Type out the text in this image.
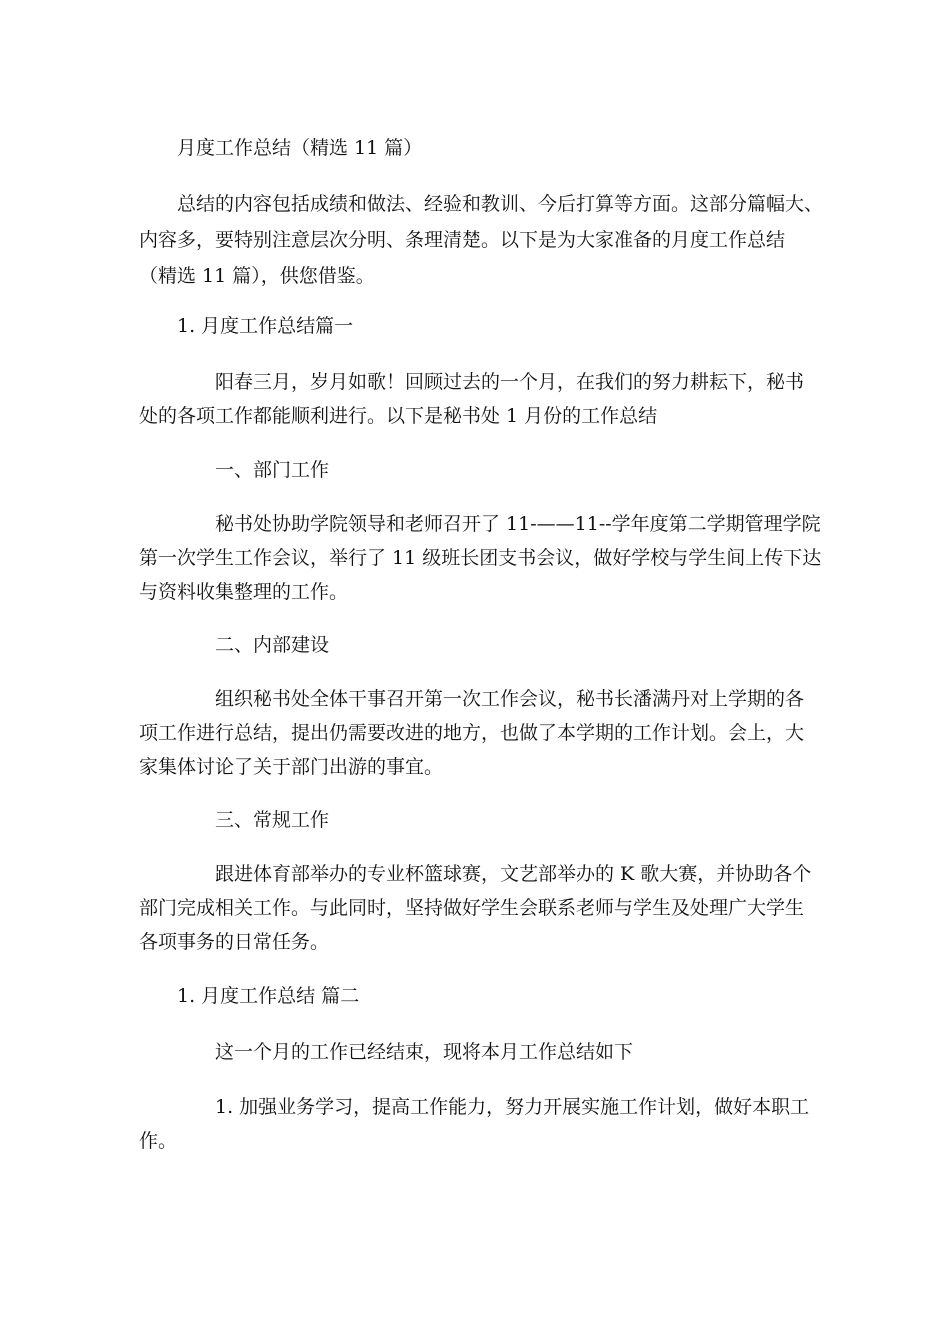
月度工作总结（精选 11 篇）
总结的内容包括成绩和做法、经验和教训、今后打算等方面。这部分篇幅大、
内容多，要特别注意层次分明、条理清楚。以下是为大家准备的月度工作总结
（精选 11 篇），供您借鉴。
1. 月度工作总结篇一
阳春三月，岁月如歌！回顾过去的一个月，在我们的努力耕耘下，秘书
处的各项工作都能顺利进行。以下是秘书处 1 月份的工作总结
一、部门工作
秘书处协助学院领导和老师召开了 11-——11--学年度第二学期管理学院
第一次学生工作会议，举行了 11 级班长团支书会议，做好学校与学生间上传下达
与资料收集整理的工作。
二、内部建设
组织秘书处全体干事召开第一次工作会议，秘书长潘满丹对上学期的各
项工作进行总结，提出仍需要改进的地方，也做了本学期的工作计划。会上，大
家集体讨论了关于部门出游的事宜。
三、常规工作
跟进体育部举办的专业杯篮球赛，文艺部举办的 K 歌大赛，并协助各个
部门完成相关工作。与此同时，坚持做好学生会联系老师与学生及处理广大学生
各项事务的日常任务。
1. 月度工作总结 篇二
这一个月的工作已经结束，现将本月工作总结如下
1. 加强业务学习，提高工作能力，努力开展实施工作计划，做好本职工
作。
